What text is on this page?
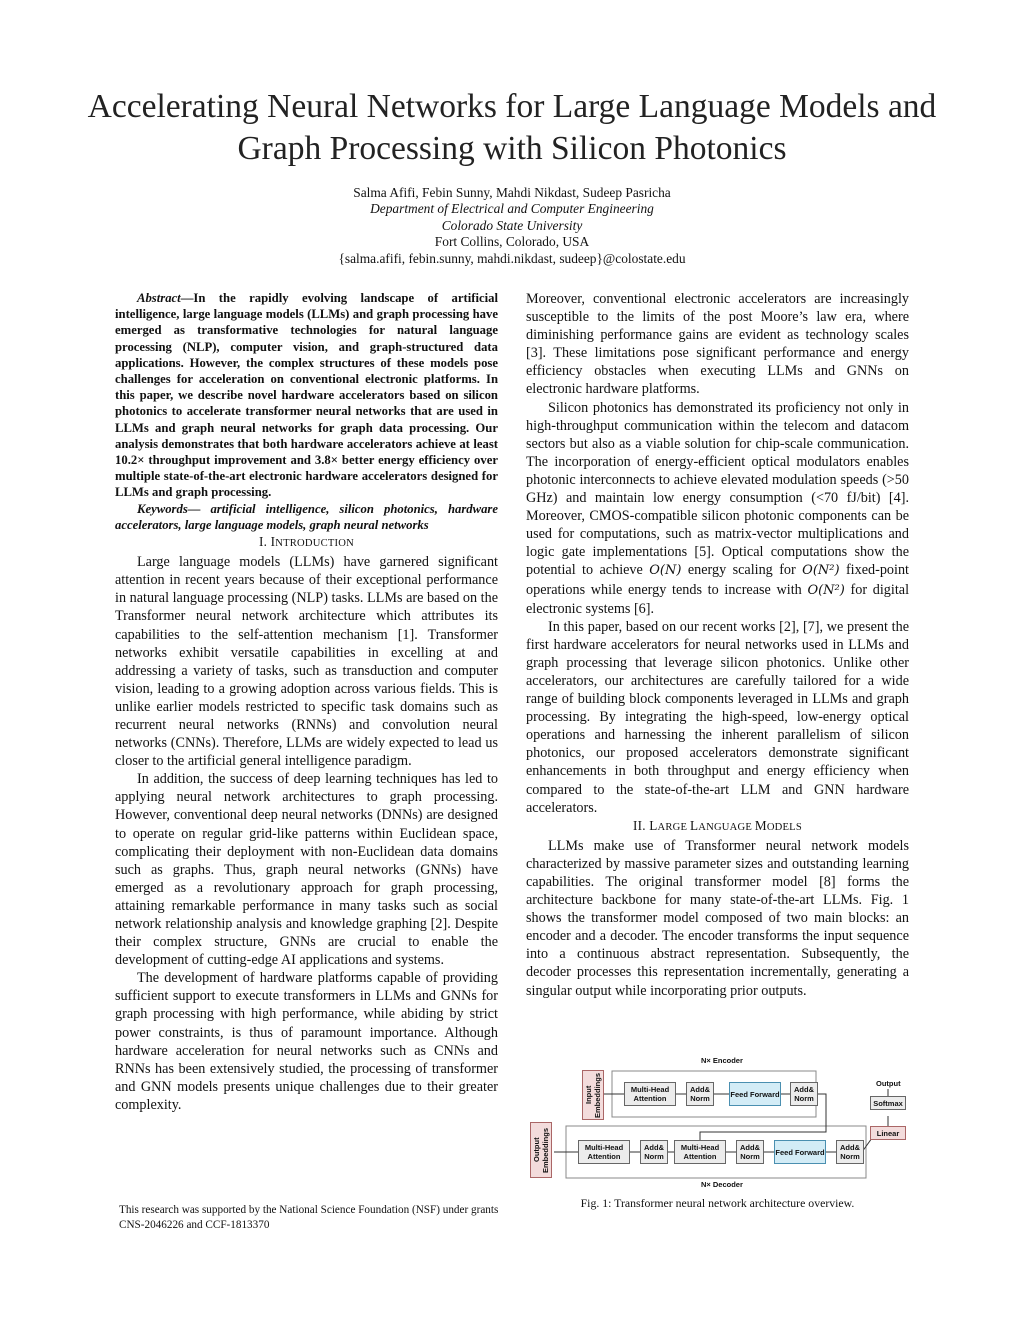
Accelerating Neural Networks for Large Language Models and Graph Processing with Silicon Photonics
Salma Afifi, Febin Sunny, Mahdi Nikdast, Sudeep Pasricha
Department of Electrical and Computer Engineering
Colorado State University
Fort Collins, Colorado, USA
{salma.afifi, febin.sunny, mahdi.nikdast, sudeep}@colostate.edu

Abstract—In the rapidly evolving landscape of artificial intelligence, large language models (LLMs) and graph processing have emerged as transformative technologies for natural language processing (NLP), computer vision, and graph-structured data applications. However, the complex structures of these models pose challenges for acceleration on conventional electronic platforms. In this paper, we describe novel hardware accelerators based on silicon photonics to accelerate transformer neural networks that are used in LLMs and graph neural networks for graph data processing. Our analysis demonstrates that both hardware accelerators achieve at least 10.2× throughput improvement and 3.8× better energy efficiency over multiple state-of-the-art electronic hardware accelerators designed for LLMs and graph processing.

Keywords— artificial intelligence, silicon photonics, hardware accelerators, large language models, graph neural networks

I. INTRODUCTION

Large language models (LLMs) have garnered significant attention in recent years because of their exceptional performance in natural language processing (NLP) tasks. LLMs are based on the Transformer neural network architecture which attributes its capabilities to the self-attention mechanism [1]. Transformer networks exhibit versatile capabilities in excelling at and addressing a variety of tasks, such as transduction and computer vision, leading to a growing adoption across various fields. This is unlike earlier models restricted to specific task domains such as recurrent neural networks (RNNs) and convolution neural networks (CNNs). Therefore, LLMs are widely expected to lead us closer to the artificial general intelligence paradigm.

In addition, the success of deep learning techniques has led to applying neural network architectures to graph processing. However, conventional deep neural networks (DNNs) are designed to operate on regular grid-like patterns within Euclidean space, complicating their deployment with non-Euclidean data domains such as graphs. Thus, graph neural networks (GNNs) have emerged as a revolutionary approach for graph processing, attaining remarkable performance in many tasks such as social network relationship analysis and knowledge graphing [2]. Despite their complex structure, GNNs are crucial to enable the development of cutting-edge AI applications and systems.

The development of hardware platforms capable of providing sufficient support to execute transformers in LLMs and GNNs for graph processing with high performance, while abiding by strict power constraints, is thus of paramount importance. Although hardware acceleration for neural networks such as CNNs and RNNs has been extensively studied, the processing of transformer and GNN models presents unique challenges due to their greater complexity.

This research was supported by the National Science Foundation (NSF) under grants CNS-2046226 and CCF-1813370

Moreover, conventional electronic accelerators are increasingly susceptible to the limits of the post Moore’s law era, where diminishing performance gains are evident as technology scales [3]. These limitations pose significant performance and energy efficiency obstacles when executing LLMs and GNNs on electronic hardware platforms.

Silicon photonics has demonstrated its proficiency not only in high-throughput communication within the telecom and datacom sectors but also as a viable solution for chip-scale communication. The incorporation of energy-efficient optical modulators enables photonic interconnects to achieve elevated modulation speeds (>50 GHz) and maintain low energy consumption (<70 fJ/bit) [4]. Moreover, CMOS-compatible silicon photonic components can be used for computations, such as matrix-vector multiplications and logic gate implementations [5]. Optical computations show the potential to achieve O(N) energy scaling for O(N²) fixed-point operations while energy tends to increase with O(N²) for digital electronic systems [6].

In this paper, based on our recent works [2], [7], we present the first hardware accelerators for neural networks used in LLMs and graph processing that leverage silicon photonics. Unlike other accelerators, our architectures are carefully tailored for a wide range of building block components leveraged in LLMs and graph processing. By integrating the high-speed, low-energy optical operations and harnessing the inherent parallelism of silicon photonics, our proposed accelerators demonstrate significant enhancements in both throughput and energy efficiency when compared to the state-of-the-art LLM and GNN hardware accelerators.

II. LARGE LANGUAGE MODELS

LLMs make use of Transformer neural network models characterized by massive parameter sizes and outstanding learning capabilities. The original transformer model [8] forms the architecture backbone for many state-of-the-art LLMs. Fig. 1 shows the transformer model composed of two main blocks: an encoder and a decoder. The encoder transforms the input sequence into a continuous abstract representation. Subsequently, the decoder processes this representation incrementally, generating a singular output while incorporating prior outputs.

N× Encoder
N× Decoder
Input Embeddings	Multi-Head Attention
Add& Norm	Feed Forward	Add& Norm
Output Embeddings	Multi-Head Attention
Add& Norm
Multi-Head Attention
Add& Norm	Feed Forward	Add& Norm
Output
Softmax
Linear
Fig. 1: Transformer neural network architecture overview.
